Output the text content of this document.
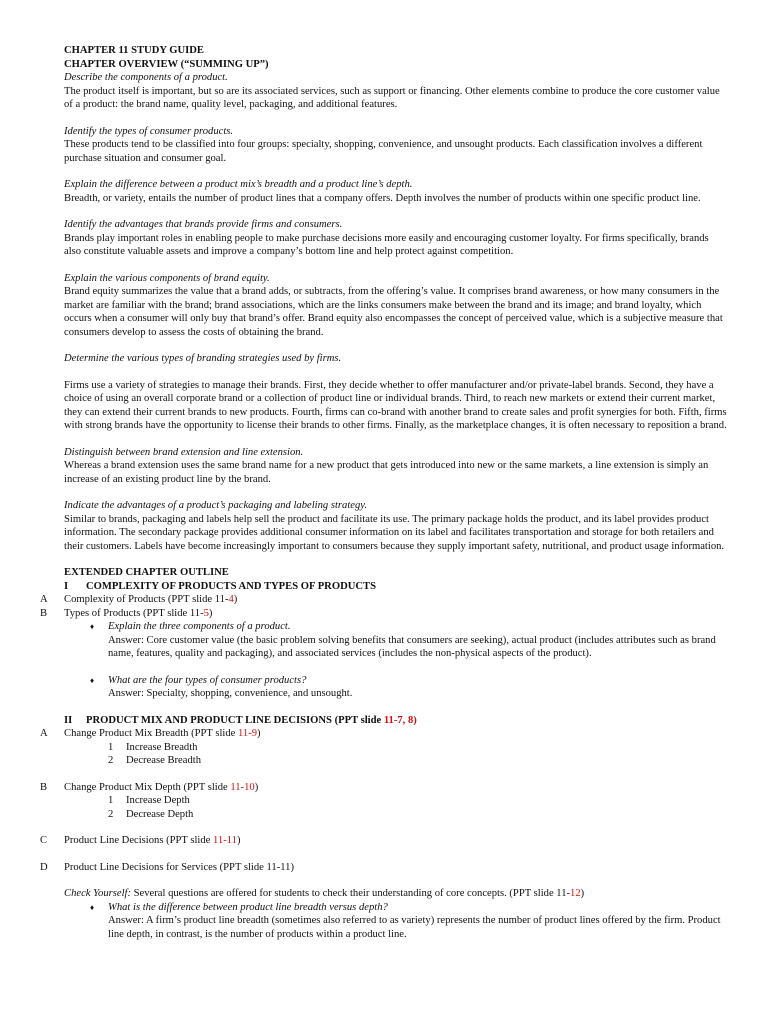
CHAPTER 11 STUDY GUIDE

CHAPTER OVERVIEW (“SUMMING UP”)

Describe the components of a product.

The product itself is important, but so are its associated services, such as support or financing. Other elements combine to produce the core customer value of a product: the brand name, quality level, packaging, and additional features.

Identify the types of consumer products.

These products tend to be classified into four groups: specialty, shopping, convenience, and unsought products. Each classification involves a different purchase situation and consumer goal.

Explain the difference between a product mix’s breadth and a product line’s depth.

Breadth, or variety, entails the number of product lines that a company offers. Depth involves the number of products within one specific product line.

Identify the advantages that brands provide firms and consumers.

Brands play important roles in enabling people to make purchase decisions more easily and encouraging customer loyalty. For firms specifically, brands also constitute valuable assets and improve a company’s bottom line and help protect against competition.

Explain the various components of brand equity.

Brand equity summarizes the value that a brand adds, or subtracts, from the offering’s value. It comprises brand awareness, or how many consumers in the market are familiar with the brand; brand associations, which are the links consumers make between the brand and its image; and brand loyalty, which occurs when a consumer will only buy that brand’s offer. Brand equity also encompasses the concept of perceived value, which is a subjective measure that consumers develop to assess the costs of obtaining the brand.

Determine the various types of branding strategies used by firms.

Firms use a variety of strategies to manage their brands. First, they decide whether to offer manufacturer and/or private-label brands. Second, they have a choice of using an overall corporate brand or a collection of product line or individual brands. Third, to reach new markets or extend their current market, they can extend their current brands to new products. Fourth, firms can co-brand with another brand to create sales and profit synergies for both. Fifth, firms with strong brands have the opportunity to license their brands to other firms. Finally, as the marketplace changes, it is often necessary to reposition a brand.

Distinguish between brand extension and line extension.

Whereas a brand extension uses the same brand name for a new product that gets introduced into new or the same markets, a line extension is simply an increase of an existing product line by the brand.

Indicate the advantages of a product’s packaging and labeling strategy.

Similar to brands, packaging and labels help sell the product and facilitate its use. The primary package holds the product, and its label provides product information. The secondary package provides additional consumer information on its label and facilitates transportation and storage for both retailers and their customers. Labels have become increasingly important to consumers because they supply important safety, nutritional, and product usage information.

EXTENDED CHAPTER OUTLINE

I	COMPLEXITY OF PRODUCTS AND TYPES OF PRODUCTS
A Complexity of Products (PPT slide 11-4)
B Types of Products (PPT slide 11-5)
♦ Explain the three components of a product.

Answer: Core customer value (the basic problem solving benefits that consumers are seeking), actual product (includes attributes such as brand name, features, quality and packaging), and associated services (includes the non-physical aspects of the product).

♦ What are the four types of consumer products?

Answer: Specialty, shopping, convenience, and unsought.

II	PRODUCT MIX AND PRODUCT LINE DECISIONS (PPT slide 11-7, 8)
A Change Product Mix Breadth (PPT slide 11-9)
1	Increase Breadth
2	Decrease Breadth
B Change Product Mix Depth (PPT slide 11-10)
1	Increase Depth
2	Decrease Depth
C Product Line Decisions (PPT slide 11-11)
D Product Line Decisions for Services (PPT slide 11-11)

Check Yourself: Several questions are offered for students to check their understanding of core concepts. (PPT slide 11-12)

♦ What is the difference between product line breadth versus depth?

Answer: A firm’s product line breadth (sometimes also referred to as variety) represents the number of product lines offered by the firm. Product line depth, in contrast, is the number of products within a product line.
